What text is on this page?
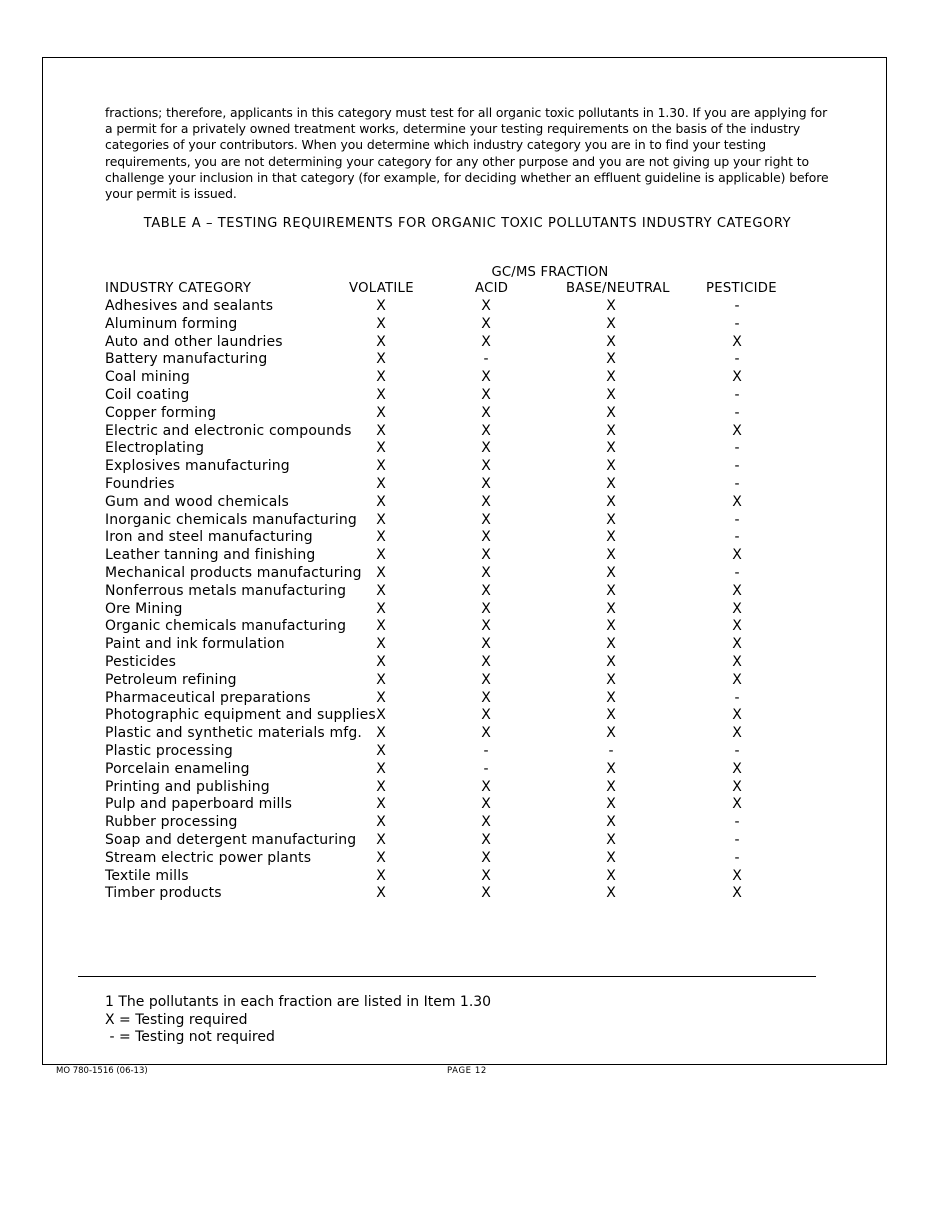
fractions; therefore, applicants in this category must test for all organic toxic pollutants in 1.30. If you are applying for a permit for a privately owned treatment works, determine your testing requirements on the basis of the industry categories of your contributors. When you determine which industry category you are in to find your testing requirements, you are not determining your category for any other purpose and you are not giving up your right to challenge your inclusion in that category (for example, for deciding whether an effluent guideline is applicable) before your permit is issued.
TABLE A – TESTING REQUIREMENTS FOR ORGANIC TOXIC POLLUTANTS INDUSTRY CATEGORY
GC/MS FRACTION
INDUSTRY CATEGORY	VOLATILE	ACID	BASE/NEUTRAL	PESTICIDE
Adhesives and sealants	X	X	X	-
Aluminum forming	X	X	X	-
Auto and other laundries	X	X	X	X
Battery manufacturing	X	-	X	-
Coal mining	X	X	X	X
Coil coating	X	X	X	-
Copper forming	X	X	X	-
Electric and electronic compounds X	X	X	X
Electroplating	X	X	X	-
Explosives manufacturing	X	X	X	-
Foundries	X	X	X	-
Gum and wood chemicals	X	X	X	X
Inorganic chemicals manufacturing X	X	X	-
Iron and steel manufacturing	X	X	X	-
Leather tanning and finishing	X	X	X	X
Mechanical products manufacturing X	X	X	-
Nonferrous metals manufacturing X	X	X	X
Ore Mining	X	X	X	X
Organic chemicals manufacturing X	X	X	X
Paint and ink formulation	X	X	X	X
Pesticides	X	X	X	X
Petroleum refining	X	X	X	X
Pharmaceutical preparations	X	X	X	-
Photographic equipment and supplies X	X	X	X
Plastic and synthetic materials mfg. X	X	X	X
Plastic processing	X	-	-	-
Porcelain enameling	X	-	X	X
Printing and publishing	X	X	X	X
Pulp and paperboard mills	X	X	X	X
Rubber processing	X	X	X	-
Soap and detergent manufacturing X	X	X	-
Stream electric power plants	X	X	X	-
Textile mills	X	X	X	X
Timber products	X	X	X	X
1 The pollutants in each fraction are listed in Item 1.30
X = Testing required
- = Testing not required
MO 780-1516 (06-13)	PAGE 12
